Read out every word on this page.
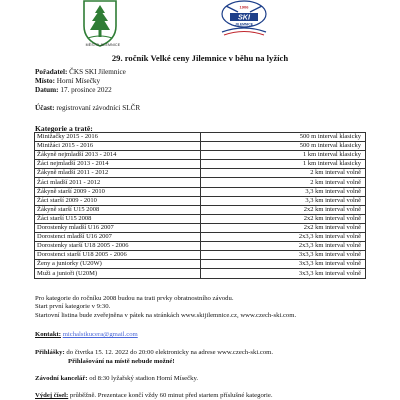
MĚSTO JILEMNICE
1906
SKI
JILEMNICE
29. ročník Velké ceny Jilemnice v běhu na lyžích
Pořadatel: ČKS SKI Jilemnice
Místo: Horní Mísečky
Datum: 17. prosince 2022
Účast: registrovaní závodníci SLČR
Kategorie a tratě:
Minižačky 2015 - 2016	500 m interval klasicky
Minižáci 2015 - 2016	500 m interval klasicky
Žákyně nejmladší 2013 - 2014	1 km interval klasicky
Žáci nejmladší 2013 - 2014	1 km interval klasicky
Žákyně mladší 2011 - 2012	2 km interval volně
Žáci mladší 2011 - 2012	2 km interval volně
Žákyně starší 2009 - 2010	3,3 km interval volně
Žáci starší 2009 - 2010	3,3 km interval volně
Žákyně starší U15 2008	2x2 km interval volně
Žáci starší U15 2008	2x2 km interval volně
Dorostenky mladší U16 2007	2x2 km interval volně
Dorostenci mladší U16 2007	2x3,3 km interval volně
Dorostenky starší U18 2005 - 2006	2x3,3 km interval volně
Dorostenci starší U18 2005 - 2006	3x3,3 km interval volně
Ženy a juniorky (U20W)	3x3,3 km interval volně
Muži a junioři (U20M)	3x3,3 km interval volně
Pro kategorie do ročníku 2008 budou na trati prvky obratnostního závodu.
Start první kategorie v 9:30.
Startovní listina bude zveřejněna v pátek na stránkách www.skijilemnice.cz, www.czech-ski.com.
Kontakt: michalstkucera@gmail.com
Přihlášky: do čtvrtka 15. 12. 2022 do 20:00 elektronicky na adrese www.czech-ski.com.
Přihlašování na místě nebude možné!
Závodní kancelář: od 8:30 lyžařský stadion Horní Mísečky.
Výdej čísel: průběžně. Prezentace končí vždy 60 minut před startem příslušné kategorie.
